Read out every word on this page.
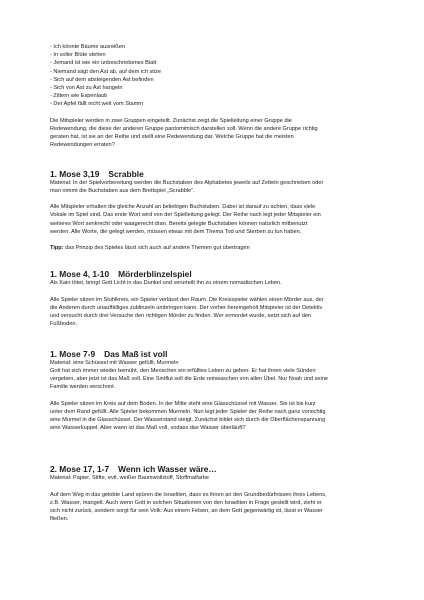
- Ich könnte Bäume ausreißen
- In voller Blüte stehen
- Jemand ist wie ein unbeschriebenes Blatt
- Niemand sägt den Ast ab, auf dem ich sitze
- Sich auf dem absteigenden Ast befinden
- Sich von Ast zu Ast hangeln
- Zittern wie Espenlaub
- Der Apfel fällt nicht weit vom Stamm

Die Mitspieler werden in zwei Gruppen eingeteilt. Zunächst zeigt die Spielleitung einer Gruppe die

Redewendung, die diese der anderen Gruppe pantomimisch darstellen soll. Wenn die andere Gruppe richtig

geraten hat, ist sie an der Reihe und stellt eine Redewendung dar. Welche Gruppe hat die meisten

Redewendungen erraten?

1. Mose 3,19 Scrabble

Material: In der Spielvorbereitung werden die Buchstaben des Alphabetes jeweils auf Zetteln geschrieben oder

man nimmt die Buchstaben aus dem Brettspiel „Scrabble“.

Alle Mitspieler erhalten die gleiche Anzahl an beliebigen Buchstaben. Dabei ist darauf zu achten, dass viele

Vokale im Spiel sind. Das erste Wort wird von der Spielleitung gelegt. Der Reihe nach legt jeder Mitspieler ein

weiteres Wort senkrecht oder waagerecht dran. Bereits gelegte Buchstaben können natürlich mitbenutzt

werden. Alle Worte, die gelegt werden, müssen etwas mit dem Thema Tod und Sterben zu tun haben.

Tipp: das Prinzip des Spieles lässt sich auch auf andere Themen gut übertragen

1. Mose 4, 1-10 Mörderblinzelspiel

Als Kain tötet, bringt Gott Licht in das Dunkel und verurteilt ihn zu einem nomadischen Leben.

Alle Spieler sitzen im Stuhlkreis, ein Spieler verlässt den Raum. Die Kreisspieler wählen einen Mörder aus, der

die Anderen durch unauffälliges zublinzeln umbringen kann. Der vorher hereingeholt Mitspieler ist der Detektiv

und versucht durch drei Versuche den richtigen Mörder zu finden. Wer ermordet wurde, setzt sich auf den

Fußboden.

1. Mose 7-9 Das Maß ist voll

Material: eine Schüssel mit Wasser gefüllt, Murmeln

Gott hat sich immer wieder bemüht, den Menschen ein erfülltes Leben zu geben. Er hat ihnen viele Sünden

vergeben, aber jetzt ist das Maß voll. Eine Sintflut soll die Erde reinwaschen von allen Übel. Nur Noah und seine

Familie werden verschont.

Alle Spieler sitzen im Kreis auf dem Boden. In der Mitte steht eine Glasschüssel mit Wasser. Sie ist bis kurz

unter dem Rand gefüllt. Alle Spieler bekommen Murmeln. Nun legt jeder Spieler der Reihe nach ganz vorsichtig

eine Murmel in die Glasschüssel. Der Wasserstand steigt. Zunächst bildet sich durch die Oberflächenspannung

eine Wasserkuppel. Aber wann ist das Maß voll, sodass das Wasser überläuft?

2. Mose 17, 1-7 Wenn ich Wasser wäre…

Material: Papier, Stifte, evtl. weißer Baumwollstoff, Stoffmalfarbe

Auf dem Weg in das gelobte Land spüren die Israeliten, dass es ihnen an den Grundbedürfnissen ihres Lebens,

z.B. Wasser, mangelt. Auch wenn Gott in solchen Situationen von den Israeliten in Frage gestellt wird, zieht er

sich nicht zurück, sondern sorgt für sein Volk: Aus einem Felsen, an dem Gott gegenwärtig ist, lässt er Wasser

fließen.
